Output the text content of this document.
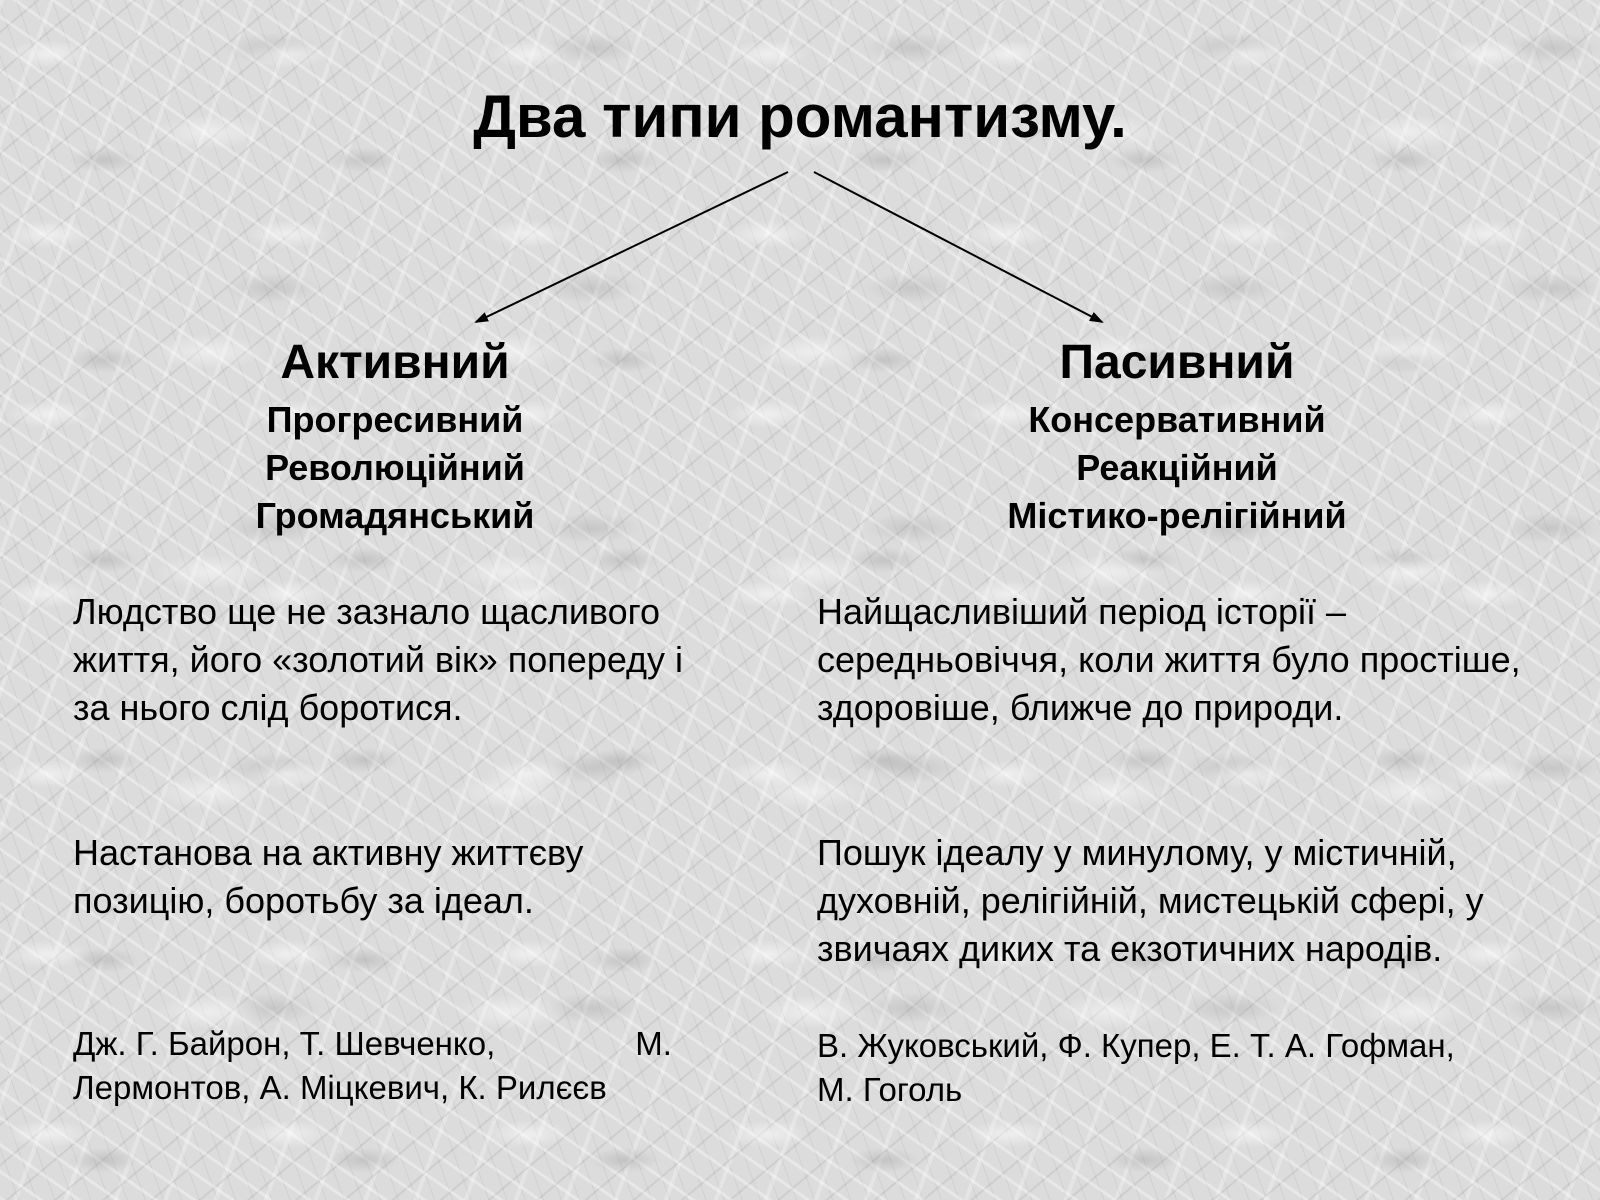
Два типи романтизму.
Активний
Прогресивний
Революційний
Громадянський

Людство ще не зазнало щасливого життя, його «золотий вік» попереду і за нього слід боротися.

Настанова на активну життєву позицію, боротьбу за ідеал.

Дж. Г. Байрон, Т. Шевченко,	М.
Лермонтов, А. Міцкевич, К. Рилєєв

Пасивний
Консервативний
Реакційний
Містико-релігійний

Найщасливіший період історії – середньовіччя, коли життя було простіше, здоровіше, ближче до природи.

Пошук ідеалу у минулому, у містичній, духовній, релігійній, мистецькій сфері, у звичаях диких та екзотичних народів.

В. Жуковський, Ф. Купер, Е. Т. А. Гофман,
М. Гоголь
